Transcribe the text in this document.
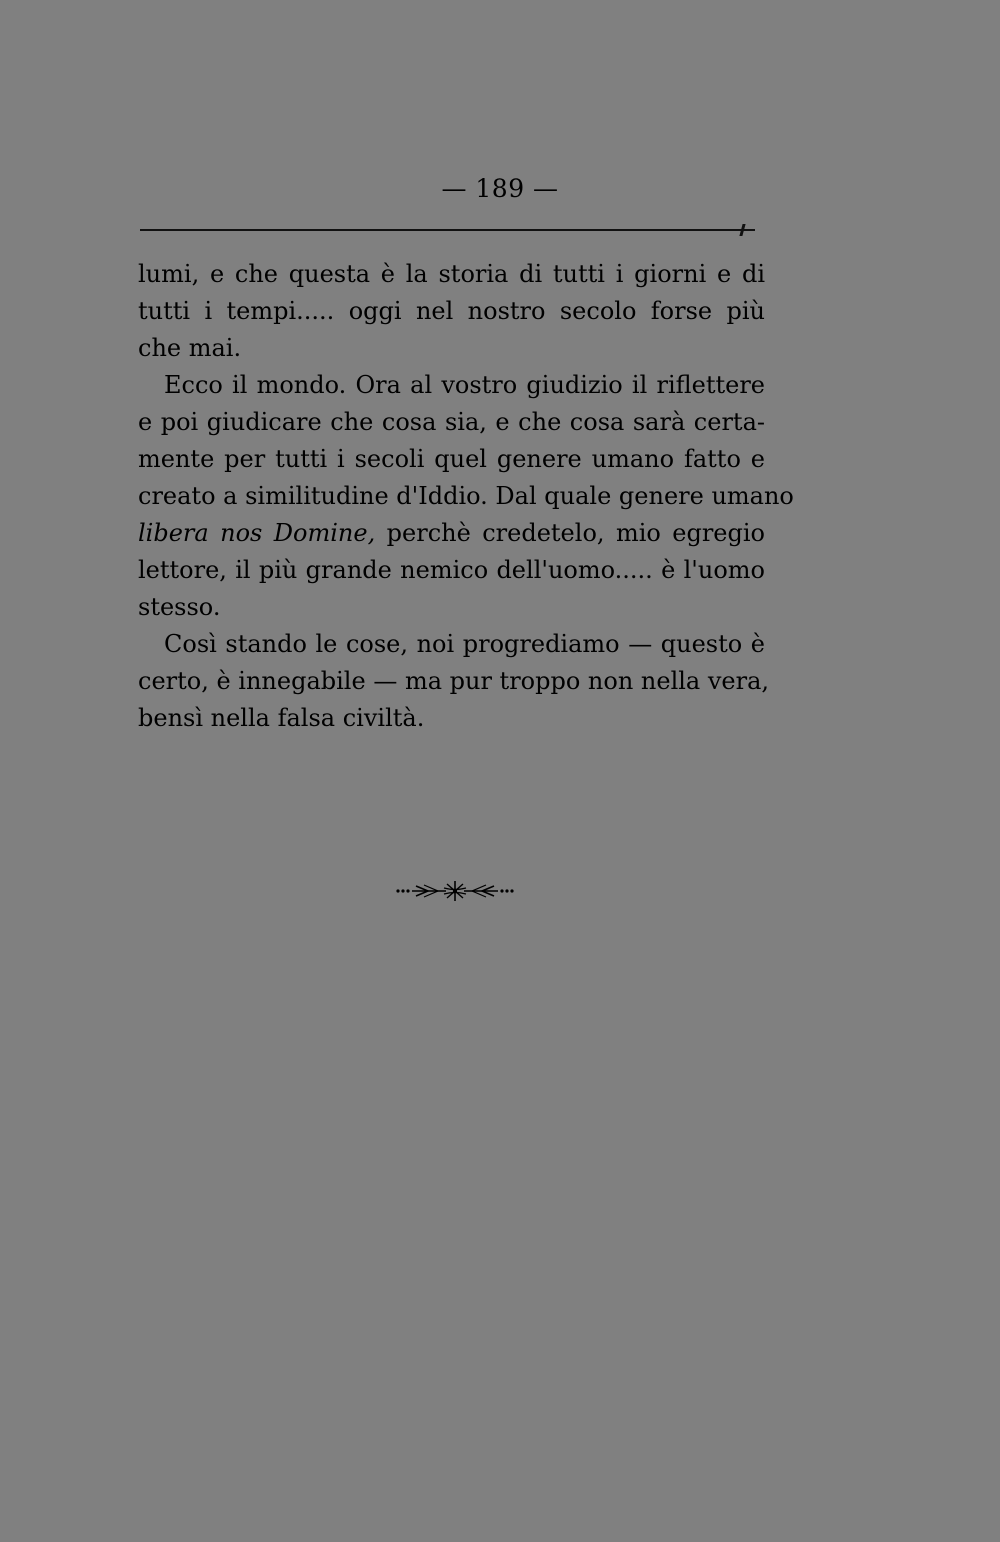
— 189 —
lumi, e che questa è la storia di tutti i giorni e di
tutti i tempi..... oggi nel nostro secolo forse più
che mai.
Ecco il mondo. Ora al vostro giudizio il riflettere
e poi giudicare che cosa sia, e che cosa sarà certa-
mente per tutti i secoli quel genere umano fatto e
creato a similitudine d'Iddio. Dal quale genere umano
libera nos Domine, perchè credetelo, mio egregio
lettore, il più grande nemico dell'uomo..... è l'uomo
stesso.
Così stando le cose, noi progrediamo — questo è
certo, è innegabile — ma pur troppo non nella vera,
bensì nella falsa civiltà.
